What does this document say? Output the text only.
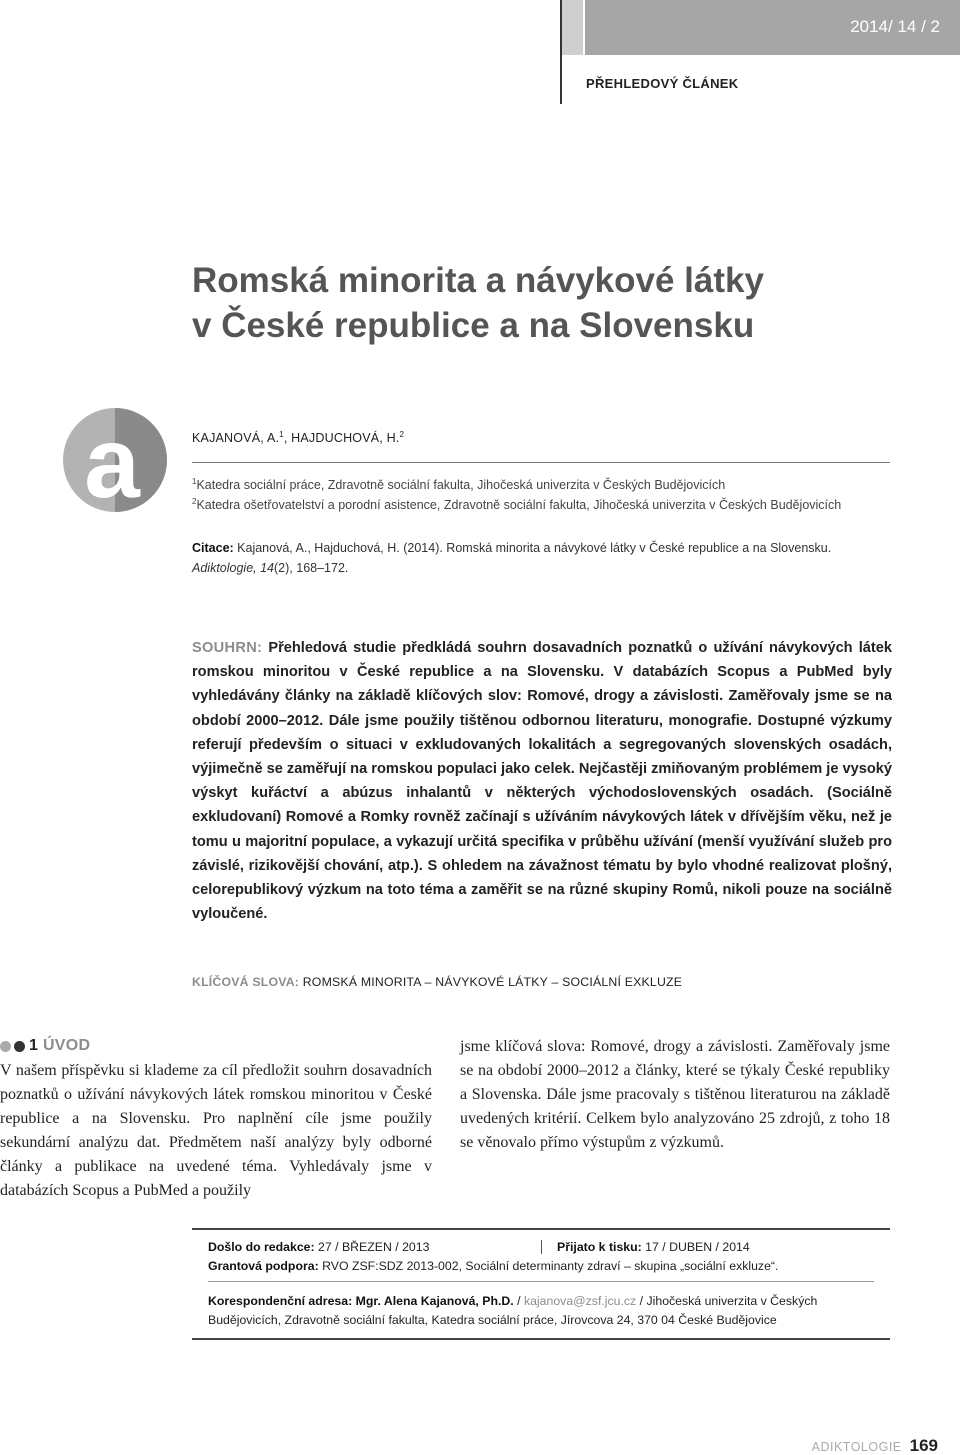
2014/ 14 / 2
PŘEHLEDOVÝ ČLÁNEK
Romská minorita a návykové látky
v České republice a na Slovensku
a	KAJANOVÁ, A.$^1$, HAJDUCHOVÁ, H.$^2$
$^1$Katedra sociální práce, Zdravotně sociální fakulta, Jihočeská univerzita v Českých Budějovicích
$^2$Katedra ošetřovatelství a porodní asistence, Zdravotně sociální fakulta, Jihočeská univerzita v Českých Budějovicích
Citace: Kajanová, A., Hajduchová, H. (2014). Romská minorita a návykové látky v České republice a na Slovensku.
Adiktologie, 14(2), 168–172.
SOUHRN: Přehledová studie předkládá souhrn dosavadních poznatků o užívání návykových látek romskou minoritou v České republice a na Slovensku. V databázích Scopus a PubMed byly vyhledávány články na základě klíčových slov: Romové, drogy a závislosti. Zaměřovaly jsme se na období 2000–2012. Dále jsme použily tištěnou odbornou literaturu, monografie. Dostupné výzkumy referují především o situaci v exkludovaných lokalitách a segregovaných slovenských osadách, výjimečně se zaměřují na romskou populaci jako celek. Nejčastěji zmiňovaným problémem je vysoký výskyt kuřáctví a abúzus inhalantů v některých východoslovenských osadách. (Sociálně exkludovaní) Romové a Romky rovněž začínají s užíváním návykových látek v dřívějším věku, než je tomu u majoritní populace, a vykazují určitá specifika v průběhu užívání (menší využívání služeb pro závislé, rizikovější chování, atp.). S ohledem na závažnost tématu by bylo vhodné realizovat plošný, celorepublikový výzkum na toto téma a zaměřit se na různé skupiny Romů, nikoli pouze na sociálně vyloučené.
KLÍČOVÁ SLOVA: ROMSKÁ MINORITA – NÁVYKOVÉ LÁTKY – SOCIÁLNÍ EXKLUZE
1 ÚVOD
V našem příspěvku si klademe za cíl předložit souhrn dosavadních poznatků o užívání návykových látek romskou minoritou v České republice a na Slovensku. Pro naplnění cíle jsme použily sekundární analýzu dat. Předmětem naší analýzy byly odborné články a publikace na uvedené téma. Vyhledávaly jsme v databázích Scopus a PubMed a použily
jsme klíčová slova: Romové, drogy a závislosti. Zaměřovaly jsme se na období 2000–2012 a články, které se týkaly České republiky a Slovenska. Dále jsme pracovaly s tištěnou literaturou na základě uvedených kritérií. Celkem bylo analyzováno 25 zdrojů, z toho 18 se věnovalo přímo výstupům z výzkumů.
Došlo do redakce: 27 / BŘEZEN / 2013	Přijato k tisku: 17 / DUBEN / 2014
Grantová podpora: RVO ZSF:SDZ 2013-002, Sociální determinanty zdraví – skupina „sociální exkluze“.
Korespondenční adresa: Mgr. Alena Kajanová, Ph.D. / kajanova@zsf.jcu.cz / Jihočeská univerzita v Českých
Budějovicích, Zdravotně sociální fakulta, Katedra sociální práce, Jírovcova 24, 370 04 České Budějovice
ADIKTOLOGIE 169
